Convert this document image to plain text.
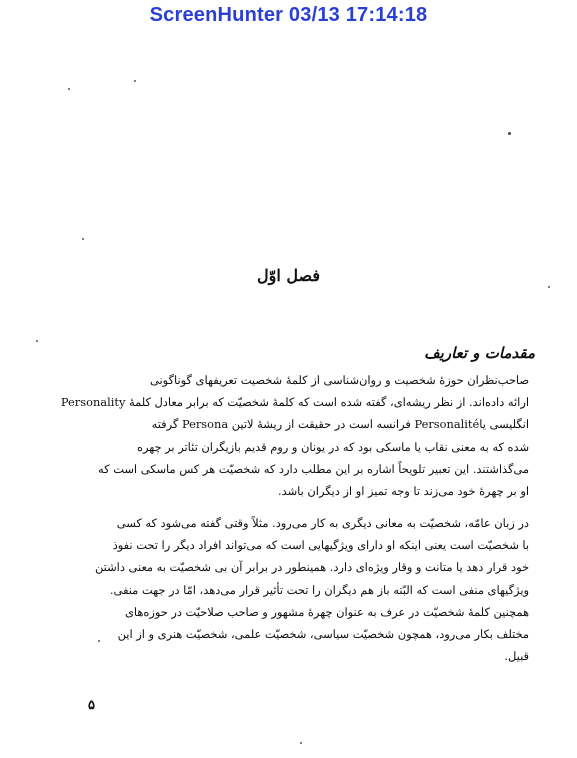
ScreenHunter 03/13 17:14:18
فصل اوّل
مقدمات و تعاریف
صاحب‌نظران حوزهٔ شخصیت و روان‌شناسی از کلمهٔ شخصیت تعریفهای گوناگونی
ارائه داده‌اند. از نظر ریشه‌ای، گفته شده است که کلمهٔ شخصیّت که برابر معادل کلمهٔ Personality
انگلیسی یاPersonalité فرانسه است در حقیقت از ریشهٔ لاتین Persona گرفته
شده که به معنی نقاب یا ماسکی بود که در یونان و روم قدیم بازیگران تئاتر بر چهره
می‌گذاشتند. این تعبیر تلویحاً اشاره بر این مطلب دارد که شخصیّت هر کس ماسکی است که
او بر چهرهٔ خود می‌زند تا وجه تمیز او از دیگران باشد.
در زبان عامّه، شخصیّت به معانی دیگری به کار می‌رود. مثلاً وقتی گفته می‌شود که کسی
با شخصیّت است یعنی اینکه او دارای ویژگیهایی است که می‌تواند افراد دیگر را تحت نفوذ
خود قرار دهد یا متانت و وقار ویژه‌ای دارد. همینطور در برابر آن بی شخصیّت به معنی داشتن
ویژگیهای منفی است که البّته باز هم دیگران را تحت تأثیر قرار می‌دهد، امّا در جهت منفی.
همچنین کلمهٔ شخصیّت در عرف به عنوان چهرهٔ مشهور و صاحب صلاحیّت در حوزه‌های
مختلف بکار می‌رود، همچون شخصیّت سیاسی، شخصیّت علمی، شخصیّت هنری و از این
قبیل.
۵
